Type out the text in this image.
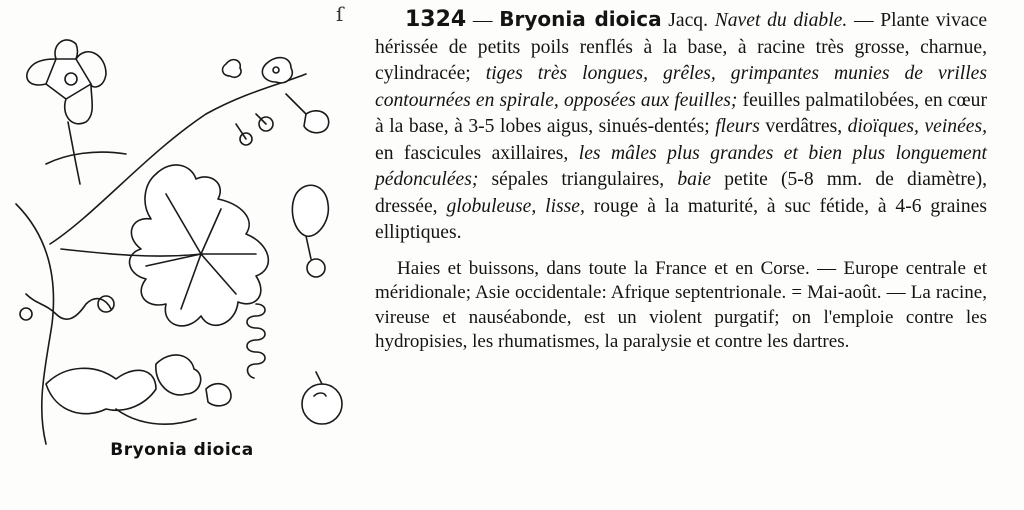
ſ
Bryonia dioica

1324 — Bryonia dioica Jacq. Navet du diable. — Plante vivace hérissée de petits poils renflés à la base, à racine très grosse, charnue, cylindracée; tiges très longues, grêles, grimpantes munies de vrilles contournées en spirale, opposées aux feuilles; feuilles palmatilobées, en cœur à la base, à 3-5 lobes aigus, sinués-dentés; fleurs verdâtres, dioïques, veinées, en fascicules axillaires, les mâles plus grandes et bien plus longuement pédonculées; sépales triangulaires, baie petite (5-8 mm. de diamètre), dressée, globuleuse, lisse, rouge à la maturité, à suc fétide, à 4-6 graines elliptiques.

Haies et buissons, dans toute la France et en Corse. — Europe centrale et méridionale; Asie occidentale: Afrique septentrionale. = Mai-août. — La racine, vireuse et nauséabonde, est un violent purgatif; on l'emploie contre les hydropisies, les rhumatismes, la paralysie et contre les dartres.
